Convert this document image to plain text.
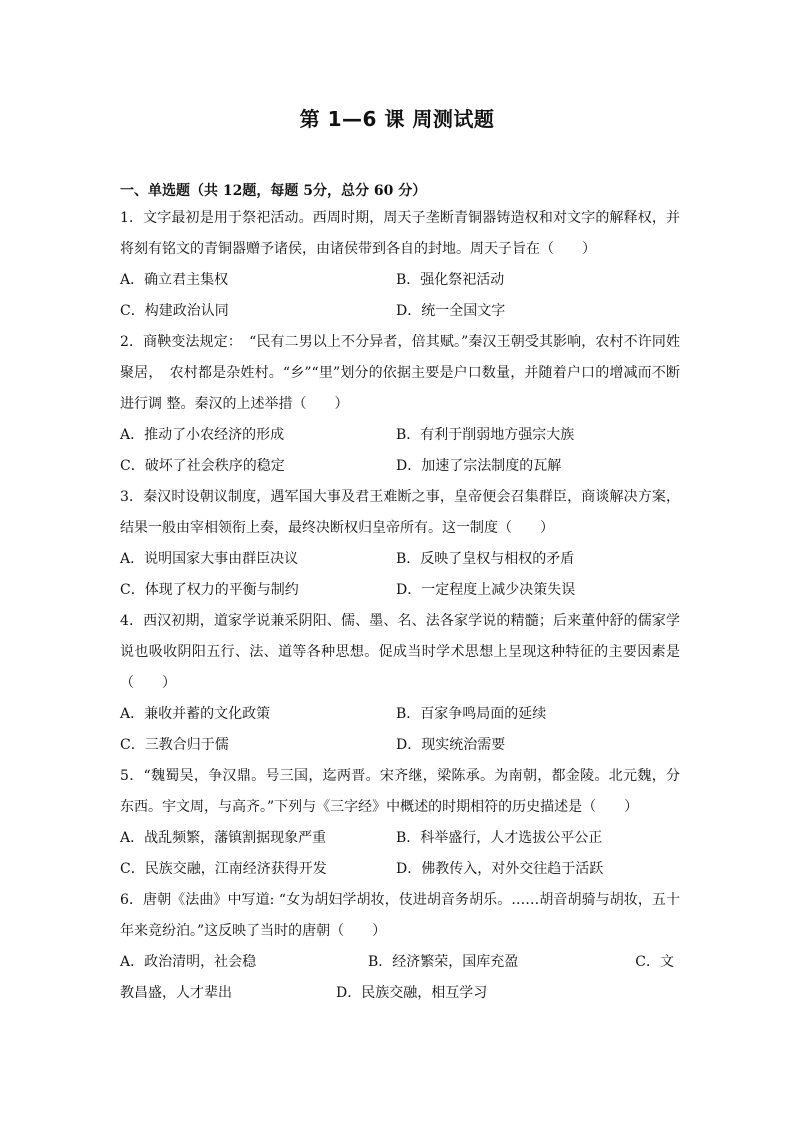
第 1—6 课 周测试题
一、单选题（共 12题，每题 5分，总分 60 分）

1．文字最初是用于祭祀活动。西周时期，周天子垄断青铜器铸造权和对文字的解释权，并将刻有铭文的青铜器赠予诸侯，由诸侯带到各自的封地。周天子旨在（　　）

A．确立君主集权	B．强化祭祀活动
C．构建政治认同	D．统一全国文字

2．商鞅变法规定：　“民有二男以上不分异者，倍其赋。”秦汉王朝受其影响，农村不许同姓聚居，　农村都是杂姓村。“乡”“里”划分的依据主要是户口数量，并随着户口的增减而不断进行调 整。秦汉的上述举措（　　）

A．推动了小农经济的形成	B．有利于削弱地方强宗大族
C．破坏了社会秩序的稳定	D．加速了宗法制度的瓦解

3．秦汉时设朝议制度，遇军国大事及君王难断之事，皇帝便会召集群臣，商谈解决方案，结果一般由宰相领衔上奏，最终决断权归皇帝所有。这一制度（　　）

A．说明国家大事由群臣决议	B．反映了皇权与相权的矛盾
C．体现了权力的平衡与制约	D．一定程度上减少决策失误

4．西汉初期，道家学说兼采阴阳、儒、墨、名、法各家学说的精髓；后来董仲舒的儒家学说也吸收阴阳五行、法、道等各种思想。促成当时学术思想上呈现这种特征的主要因素是（　　）

A．兼收并蓄的文化政策	B．百家争鸣局面的延续
C．三教合归于儒	D．现实统治需要

5．“魏蜀吴，争汉鼎。号三国，迄两晋。宋齐继，梁陈承。为南朝，都金陵。北元魏，分东西。宇文周，与高齐。”下列与《三字经》中概述的时期相符的历史描述是（　　）

A．战乱频繁，藩镇割据现象严重	B．科举盛行，人才选拔公平公正
C．民族交融，江南经济获得开发	D．佛教传入，对外交往趋于活跃

6．唐朝《法曲》中写道: “女为胡妇学胡妆，伎进胡音务胡乐。……胡音胡骑与胡妆，五十年来竞纷泊。”这反映了当时的唐朝（　　）

A．政治清明，社会稳	B．经济繁荣，国库充盈	C．文
教昌盛，人才辈出	D．民族交融，相互学习
